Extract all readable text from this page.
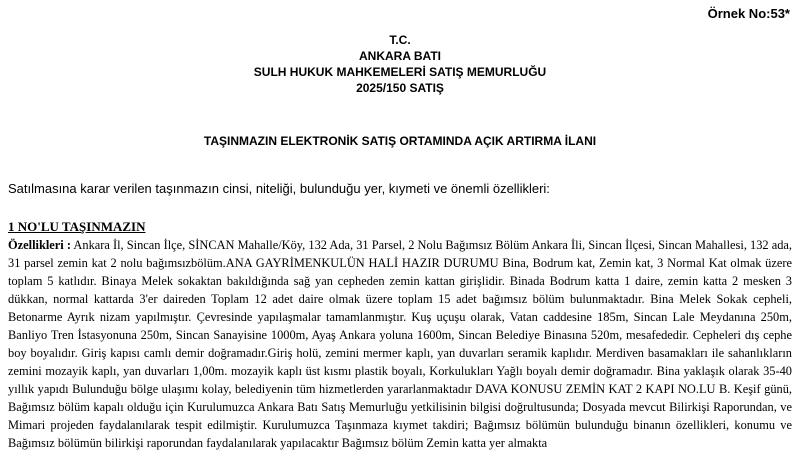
Örnek No:53*
T.C.
ANKARA BATI
SULH HUKUK MAHKEMELERİ SATIŞ MEMURLUĞU
2025/150 SATIŞ
TAŞINMAZIN ELEKTRONİK SATIŞ ORTAMINDA AÇIK ARTIRMA İLANI
Satılmasına karar verilen taşınmazın cinsi, niteliği, bulunduğu yer, kıymeti ve önemli özellikleri:
1 NO'LU TAŞINMAZIN

Özellikleri : Ankara İl, Sincan İlçe, SİNCAN Mahalle/Köy, 132 Ada, 31 Parsel, 2 Nolu Bağımsız Bölüm Ankara İli, Sincan İlçesi, Sincan Mahallesi, 132 ada, 31 parsel zemin kat 2 nolu bağımsızbölüm.ANA GAYRİMENKULÜN HALİ HAZIR DURUMU Bina, Bodrum kat, Zemin kat, 3 Normal Kat olmak üzere toplam 5 katlıdır. Binaya Melek sokaktan bakıldığında sağ yan cepheden zemin kattan girişlidir. Binada Bodrum katta 1 daire, zemin katta 2 mesken 3 dükkan, normal kattarda 3'er daireden Toplam 12 adet daire olmak üzere toplam 15 adet bağımsız bölüm bulunmaktadır. Bina Melek Sokak cepheli, Betonarme Ayrık nizam yapılmıştır. Çevresinde yapılaşmalar tamamlanmıştır. Kuş uçuşu olarak, Vatan caddesine 185m, Sincan Lale Meydanına 250m, Banliyo Tren İstasyonuna 250m, Sincan Sanayisine 1000m, Ayaş Ankara yoluna 1600m, Sincan Belediye Binasına 520m, mesafededir. Cepheleri dış cephe boy boyalıdır. Giriş kapısı camlı demir doğramadır.Giriş holü, zemini mermer kaplı, yan duvarları seramik kaplıdır. Merdiven basamakları ile sahanlıkların zemini mozayik kaplı, yan duvarları 1,00m. mozayik kaplı üst kısmı plastik boyalı, Korkulukları Yağlı boyalı demir doğramadır. Bina yaklaşık olarak 35-40 yıllık yapıdı Bulunduğu bölge ulaşımı kolay, belediyenin tüm hizmetlerden yararlanmaktadır DAVA KONUSU ZEMİN KAT 2 KAPI NO.LU B. Keşif günü, Bağımsız bölüm kapalı olduğu için Kurulumuzca Ankara Batı Satış Memurluğu yetkilisinin bilgisi doğrultusunda; Dosyada mevcut Bilirkişi Raporundan, ve Mimari projeden faydalanılarak tespit edilmiştir. Kurulumuzca Taşınmaza kıymet takdiri; Bağımsız bölümün bulunduğu binanın özellikleri, konumu ve Bağımsız bölümün bilirkişi raporundan faydalanılarak yapılacaktır Bağımsız bölüm Zemin katta yer almakta
